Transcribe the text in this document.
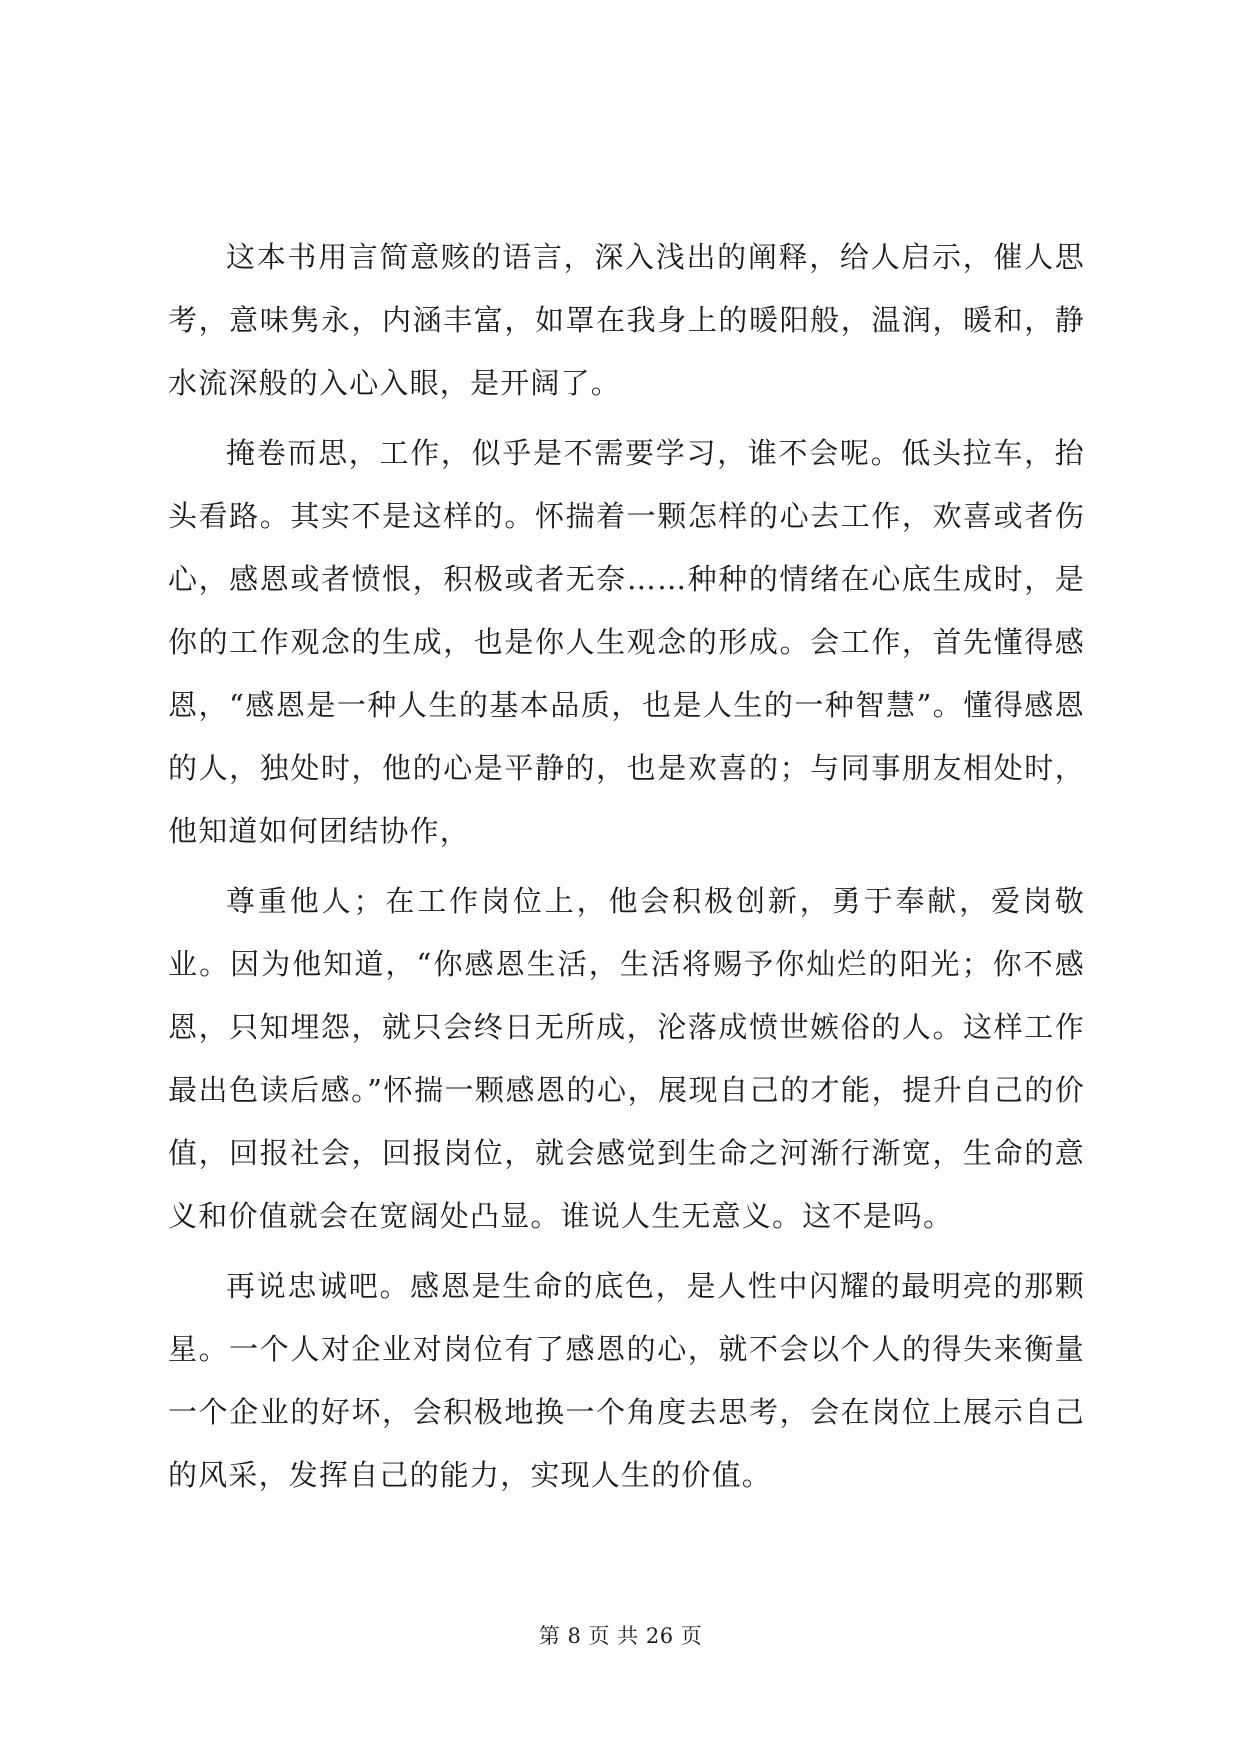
这本书用言简意赅的语言，深入浅出的阐释，给人启示，催人思考，意味隽永，内涵丰富，如罩在我身上的暖阳般，温润，暖和，静水流深般的入心入眼，是开阔了。

掩卷而思，工作，似乎是不需要学习，谁不会呢。低头拉车，抬头看路。其实不是这样的。怀揣着一颗怎样的心去工作，欢喜或者伤心，感恩或者愤恨，积极或者无奈……种种的情绪在心底生成时，是你的工作观念的生成，也是你人生观念的形成。会工作，首先懂得感恩，“感恩是一种人生的基本品质，也是人生的一种智慧”。懂得感恩的人，独处时，他的心是平静的，也是欢喜的；与同事朋友相处时，他知道如何团结协作，

尊重他人；在工作岗位上，他会积极创新，勇于奉献，爱岗敬业。因为他知道，“你感恩生活，生活将赐予你灿烂的阳光；你不感恩，只知埋怨，就只会终日无所成，沦落成愤世嫉俗的人。这样工作最出色读后感。”怀揣一颗感恩的心，展现自己的才能，提升自己的价值，回报社会，回报岗位，就会感觉到生命之河渐行渐宽，生命的意义和价值就会在宽阔处凸显。谁说人生无意义。这不是吗。

再说忠诚吧。感恩是生命的底色，是人性中闪耀的最明亮的那颗星。一个人对企业对岗位有了感恩的心，就不会以个人的得失来衡量一个企业的好坏，会积极地换一个角度去思考，会在岗位上展示自己的风采，发挥自己的能力，实现人生的价值。

第 8 页 共 26 页
